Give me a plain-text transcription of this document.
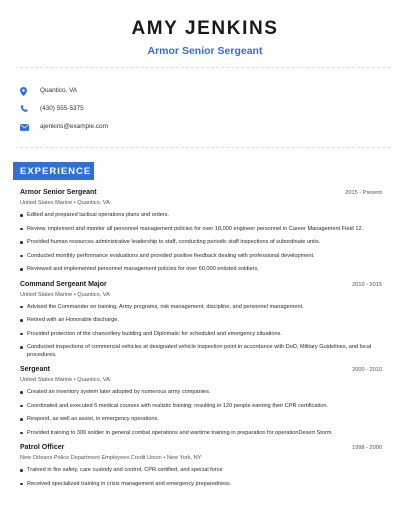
AMY JENKINS
Armor Senior Sergeant
Quantico, VA
(430) 555-5375
ajenkins@example.com
EXPERIENCE
Armor Senior Sergeant	2015 - Present
United States Marine • Quantico, VA
Edited and prepared tactical operations plans and orders.
Review, implement and monitor all personnel management policies for over 18,000 engineer personnel in Career Management Field 12.
Provided human resources administrative leadership to staff, conducting periodic staff inspections of subordinate units.
Conducted monthly performance evaluations and provided positive feedback dealing with professional development.
Reviewed and implemented personnel management policies for over 60,000 enlisted soldiers.
Command Sergeant Major	2010 - 2015
United States Marine • Quantico, VA
Advised the Commander on training, Army programs, risk management, discipline, and personnel management.
Retired with an Honorable discharge.
Provided protection of the chancellery building and Diplomatic for scheduled and emergency situations.
Conducted inspections of commercial vehicles at designated vehicle inspection point in accordance with DoD, Military Guidelines, and local procedures.
Sergeant	2000 - 2010
United States Marine • Quantico, VA
Created an inventory system later adopted by numerous army companies.
Coordinated and executed 6 medical courses with realistic training; resulting in 120 people earning their CPR certification.
Respond, as well as assist, in emergency operations.
Provided training to 300 soldier in general combat operations and wartime training in preparation for operationDesert Storm.
Patrol Officer	1998 - 2000
New Orleans Police Department Employees Credit Union • New York, NY
Trained in fire safety, care custody and control, CPR certified, and special force
Received specialized training in crisis management and emergency preparedness.
